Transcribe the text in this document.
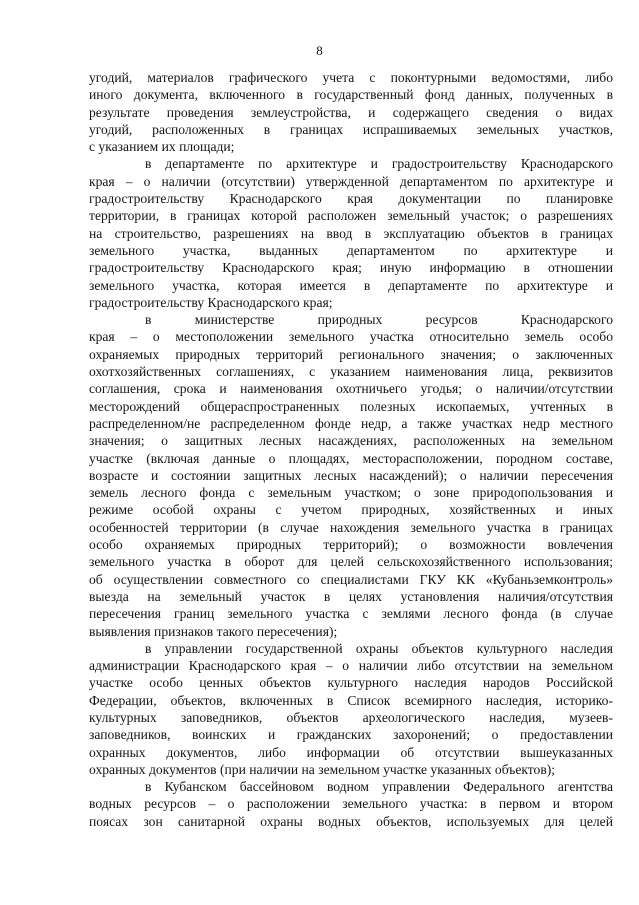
8
угодий, материалов графического учета с поконтурными ведомостями, либо
иного документа, включенного в государственный фонд данных, полученных в
результате проведения землеустройства, и содержащего сведения о видах
угодий, расположенных в границах испрашиваемых земельных участков,
с указанием их площади;
в департаменте по архитектуре и градостроительству Краснодарского
края – о наличии (отсутствии) утвержденной департаментом по архитектуре и
градостроительству Краснодарского края документации по планировке
территории, в границах которой расположен земельный участок; о разрешениях
на строительство, разрешениях на ввод в эксплуатацию объектов в границах
земельного участка, выданных департаментом по архитектуре и
градостроительству Краснодарского края; иную информацию в отношении
земельного участка, которая имеется в департаменте по архитектуре и
градостроительству Краснодарского края;
в министерстве природных ресурсов Краснодарского
края – о местоположении земельного участка относительно земель особо
охраняемых природных территорий регионального значения; о заключенных
охотхозяйственных соглашениях, с указанием наименования лица, реквизитов
соглашения, срока и наименования охотничьего угодья; о наличии/отсутствии
месторождений общераспространенных полезных ископаемых, учтенных в
распределенном/не распределенном фонде недр, а также участках недр местного
значения; о защитных лесных насаждениях, расположенных на земельном
участке (включая данные о площадях, месторасположении, породном составе,
возрасте и состоянии защитных лесных насаждений); о наличии пересечения
земель лесного фонда с земельным участком; о зоне природопользования и
режиме особой охраны с учетом природных, хозяйственных и иных
особенностей территории (в случае нахождения земельного участка в границах
особо охраняемых природных территорий); о возможности вовлечения
земельного участка в оборот для целей сельскохозяйственного использования;
об осуществлении совместного со специалистами ГКУ КК «Кубаньземконтроль»
выезда на земельный участок в целях установления наличия/отсутствия
пересечения границ земельного участка с землями лесного фонда (в случае
выявления признаков такого пересечения);
в управлении государственной охраны объектов культурного наследия
администрации Краснодарского края – о наличии либо отсутствии на земельном
участке особо ценных объектов культурного наследия народов Российской
Федерации, объектов, включенных в Список всемирного наследия, историко-
культурных заповедников, объектов археологического наследия, музеев-
заповедников, воинских и гражданских захоронений; о предоставлении
охранных документов, либо информации об отсутствии вышеуказанных
охранных документов (при наличии на земельном участке указанных объектов);
в Кубанском бассейновом водном управлении Федерального агентства
водных ресурсов – о расположении земельного участка: в первом и втором
поясах зон санитарной охраны водных объектов, используемых для целей
